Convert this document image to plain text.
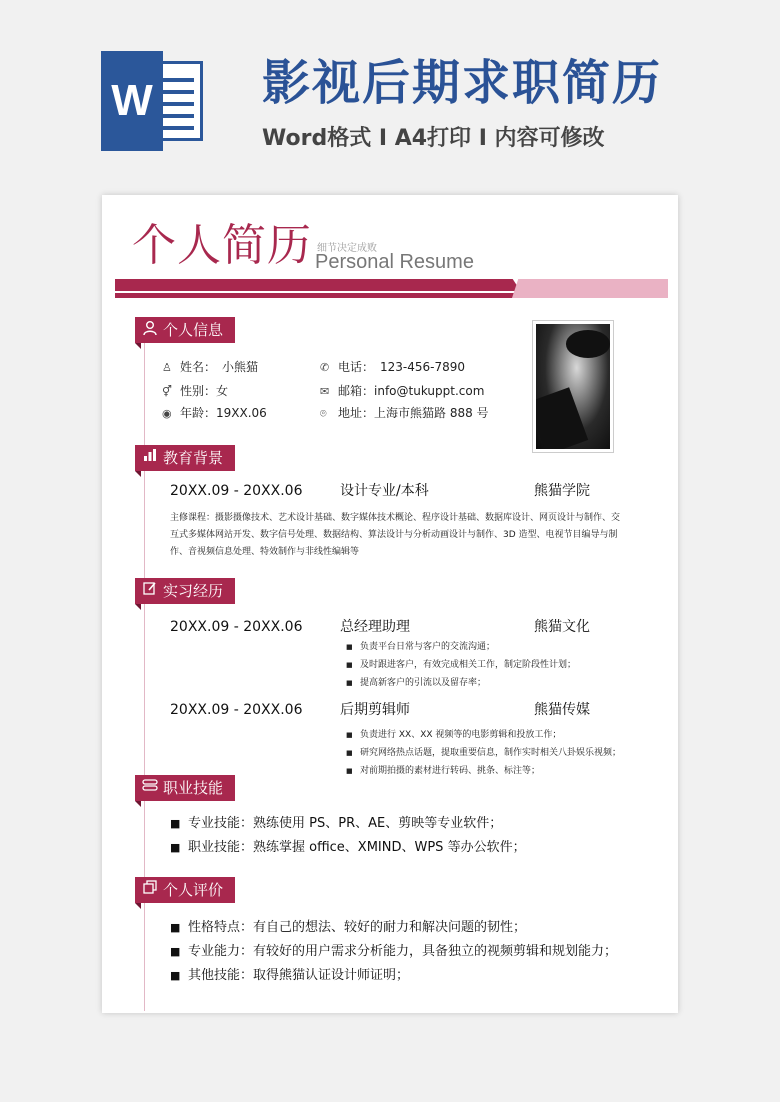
W 影视后期求职简历
Word格式 I A4打印 I 内容可修改
个人简历 细节决定成败
Personal Resume
个人信息
♙ 姓名：　小熊猫
⚥ 性别：女
◉ 年龄：19XX.06
✆ 电话：　123-456-7890
✉ 邮箱：info@tukuppt.com
⌾ 地址：上海市熊猫路 888 号
教育背景
20XX.09 - 20XX.06	设计专业/本科	熊猫学院
主修课程：摄影摄像技术、艺术设计基础、数字媒体技术概论、程序设计基础、数据库设计、网页设计与制作、交
互式多媒体网站开发、数字信号处理、数据结构、算法设计与分析动画设计与制作、3D 造型、电视节目编导与制
作、音视频信息处理、特效制作与非线性编辑等
实习经历
20XX.09 - 20XX.06	总经理助理	熊猫文化
■ 负责平台日常与客户的交流沟通；
■ 及时跟进客户，有效完成相关工作，制定阶段性计划；
■ 提高新客户的引流以及留存率；
20XX.09 - 20XX.06	后期剪辑师	熊猫传媒
■ 负责进行 XX、XX 视频等的电影剪辑和投放工作；
■ 研究网络热点话题，提取重要信息，制作实时相关八卦娱乐视频；
■ 对前期拍摄的素材进行转码、挑条、标注等；
职业技能
■ 专业技能：熟练使用 PS、PR、AE、剪映等专业软件；
■ 职业技能：熟练掌握 office、XMIND、WPS 等办公软件；
个人评价
■ 性格特点：有自己的想法、较好的耐力和解决问题的韧性；
■ 专业能力：有较好的用户需求分析能力，具备独立的视频剪辑和规划能力；
■ 其他技能：取得熊猫认证设计师证明；
